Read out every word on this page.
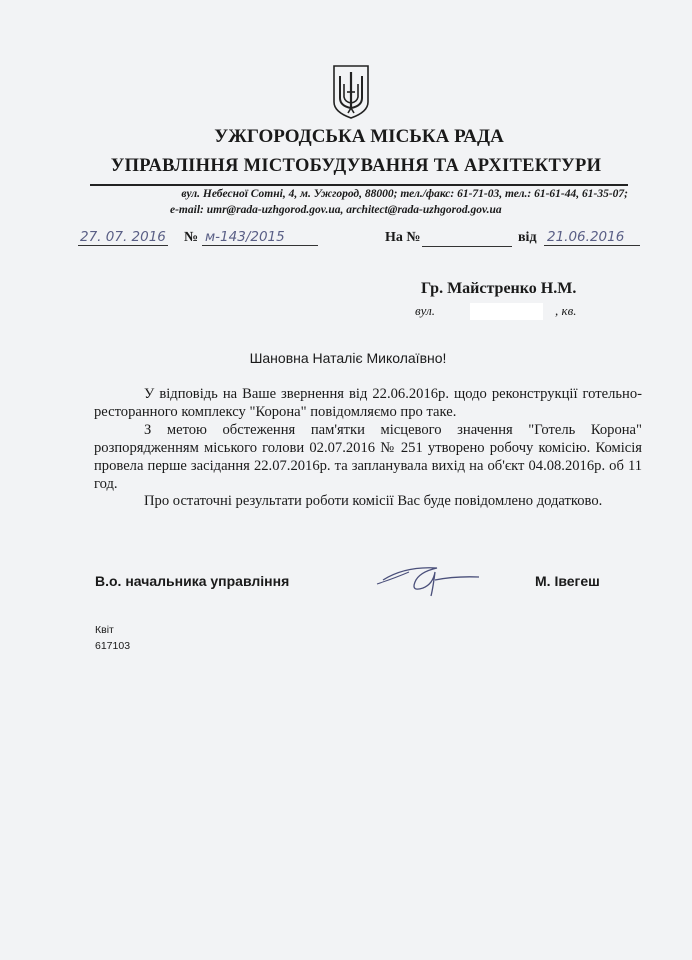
УЖГОРОДСЬКА МІСЬКА РАДА
УПРАВЛІННЯ МІСТОБУДУВАННЯ ТА АРХІТЕКТУРИ
вул. Небесної Сотні, 4, м. Ужгород, 88000; тел./факс: 61-71-03, тел.: 61-61-44, 61-35-07;
e-mail: umr@rada-uzhgorod.gov.ua, architect@rada-uzhgorod.gov.ua
27. 07. 2016 № м-143/2015	На №	від 21.06.2016
Гр. Майстренко Н.М.
вул.	, кв.
Шановна Наталіє Миколаївно!

У відповідь на Ваше звернення від 22.06.2016р. щодо реконструкції готельно-ресторанного комплексу "Корона" повідомляємо про таке.

З метою обстеження пам'ятки місцевого значення "Готель Корона" розпорядженням міського голови 02.07.2016 № 251 утворено робочу комісію. Комісія провела перше засідання 22.07.2016р. та запланувала вихід на об'єкт 04.08.2016р. об 11 год.

Про остаточні результати роботи комісії Вас буде повідомлено додатково.

В.о. начальника управління	М. Івегеш
Квіт
617103
